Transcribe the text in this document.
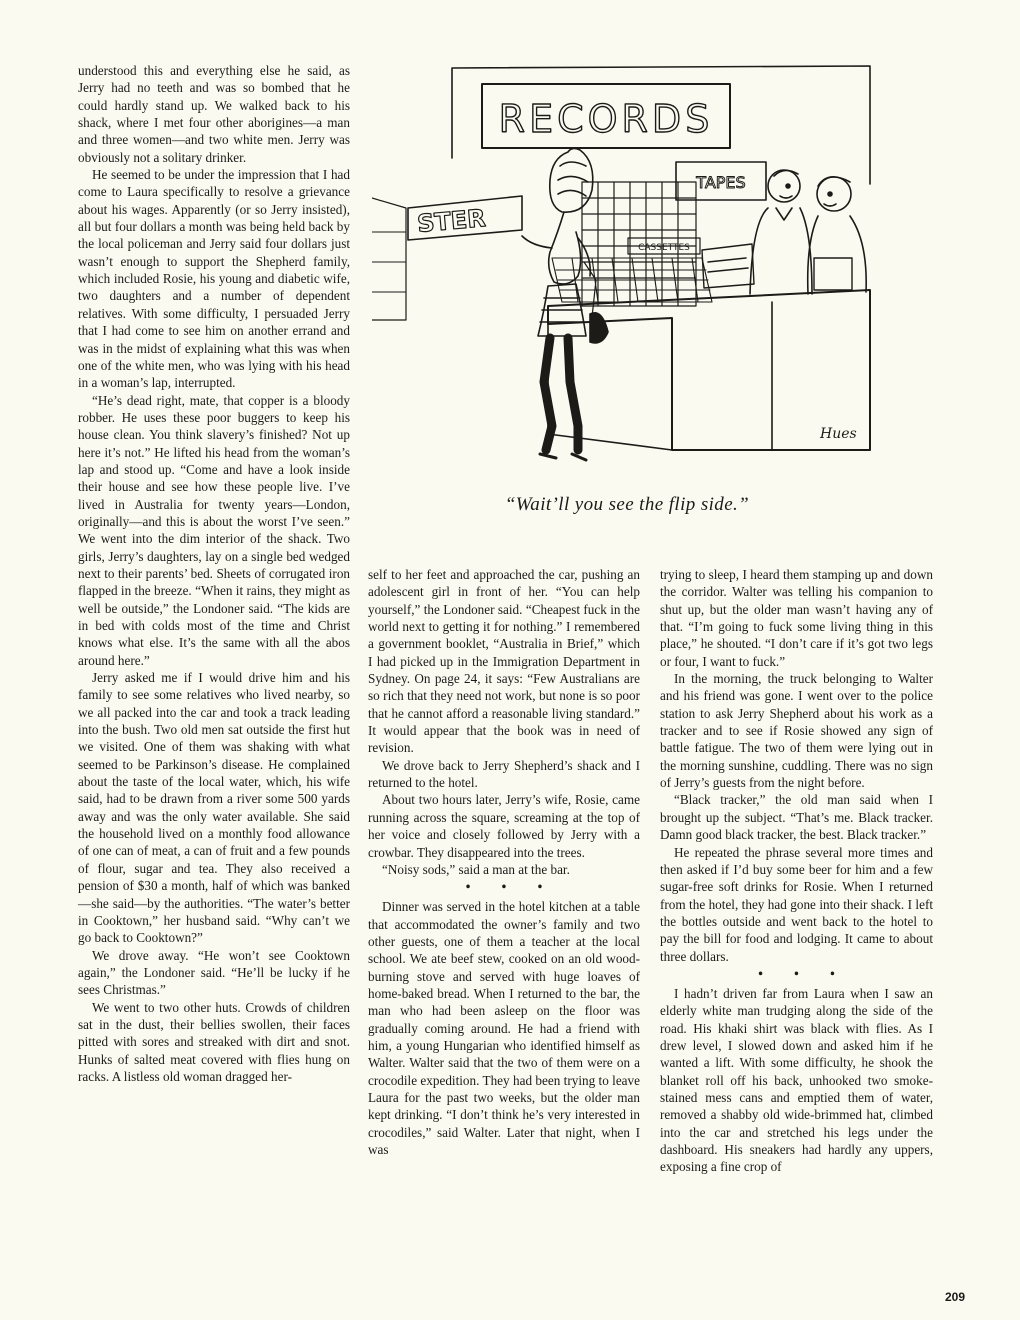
understood this and everything else he said, as Jerry had no teeth and was so bombed that he could hardly stand up. We walked back to his shack, where I met four other aborigines—a man and three women—and two white men. Jerry was obviously not a solitary drinker.

He seemed to be under the impression that I had come to Laura specifically to resolve a grievance about his wages. Apparently (or so Jerry insisted), all but four dollars a month was being held back by the local policeman and Jerry said four dollars just wasn’t enough to support the Shepherd family, which included Rosie, his young and diabetic wife, two daughters and a number of dependent relatives. With some difficulty, I persuaded Jerry that I had come to see him on another errand and was in the midst of explaining what this was when one of the white men, who was lying with his head in a woman’s lap, interrupted.

“He’s dead right, mate, that copper is a bloody robber. He uses these poor buggers to keep his house clean. You think slavery’s finished? Not up here it’s not.” He lifted his head from the woman’s lap and stood up. “Come and have a look inside their house and see how these people live. I’ve lived in Australia for twenty years—London, originally—and this is about the worst I’ve seen.” We went into the dim interior of the shack. Two girls, Jerry’s daughters, lay on a single bed wedged next to their parents’ bed. Sheets of corrugated iron flapped in the breeze. “When it rains, they might as well be outside,” the Londoner said. “The kids are in bed with colds most of the time and Christ knows what else. It’s the same with all the abos around here.”

Jerry asked me if I would drive him and his family to see some relatives who lived nearby, so we all packed into the car and took a track leading into the bush. Two old men sat outside the first hut we visited. One of them was shaking with what seemed to be Parkinson’s disease. He complained about the taste of the local water, which, his wife said, had to be drawn from a river some 500 yards away and was the only water available. She said the household lived on a monthly food allowance of one can of meat, a can of fruit and a few pounds of flour, sugar and tea. They also received a pension of $30 a month, half of which was banked—she said—by the authorities. “The water’s better in Cooktown,” her husband said. “Why can’t we go back to Cooktown?”

We drove away. “He won’t see Cooktown again,” the Londoner said. “He’ll be lucky if he sees Christmas.”

We went to two other huts. Crowds of children sat in the dust, their bellies swollen, their faces pitted with sores and streaked with dirt and snot. Hunks of salted meat covered with flies hung on racks. A listless old woman dragged her-

RECORDS
TAPES
STER
CASSETTES
Hues
“Wait’ll you see the flip side.”

self to her feet and approached the car, pushing an adolescent girl in front of her. “You can help yourself,” the Londoner said. “Cheapest fuck in the world next to getting it for nothing.” I remembered a government booklet, “Australia in Brief,” which I had picked up in the Immigration Department in Sydney. On page 24, it says: “Few Australians are so rich that they need not work, but none is so poor that he cannot afford a reasonable living standard.” It would appear that the book was in need of revision.

We drove back to Jerry Shepherd’s shack and I returned to the hotel.

About two hours later, Jerry’s wife, Rosie, came running across the square, screaming at the top of her voice and closely followed by Jerry with a crowbar. They disappeared into the trees.

“Noisy sods,” said a man at the bar.

• • •

Dinner was served in the hotel kitchen at a table that accommodated the owner’s family and two other guests, one of them a teacher at the local school. We ate beef stew, cooked on an old wood-burning stove and served with huge loaves of home-baked bread. When I returned to the bar, the man who had been asleep on the floor was gradually coming around. He had a friend with him, a young Hungarian who identified himself as Walter. Walter said that the two of them were on a crocodile expedition. They had been trying to leave Laura for the past two weeks, but the older man kept drinking. “I don’t think he’s very interested in crocodiles,” said Walter. Later that night, when I was

trying to sleep, I heard them stamping up and down the corridor. Walter was telling his companion to shut up, but the older man wasn’t having any of that. “I’m going to fuck some living thing in this place,” he shouted. “I don’t care if it’s got two legs or four, I want to fuck.”

In the morning, the truck belonging to Walter and his friend was gone. I went over to the police station to ask Jerry Shepherd about his work as a tracker and to see if Rosie showed any sign of battle fatigue. The two of them were lying out in the morning sunshine, cuddling. There was no sign of Jerry’s guests from the night before.

“Black tracker,” the old man said when I brought up the subject. “That’s me. Black tracker. Damn good black tracker, the best. Black tracker.”

He repeated the phrase several more times and then asked if I’d buy some beer for him and a few sugar-free soft drinks for Rosie. When I returned from the hotel, they had gone into their shack. I left the bottles outside and went back to the hotel to pay the bill for food and lodging. It came to about three dollars.

• • •

I hadn’t driven far from Laura when I saw an elderly white man trudging along the side of the road. His khaki shirt was black with flies. As I drew level, I slowed down and asked him if he wanted a lift. With some difficulty, he shook the blanket roll off his back, unhooked two smoke-stained mess cans and emptied them of water, removed a shabby old wide-brimmed hat, climbed into the car and stretched his legs under the dashboard. His sneakers had hardly any uppers, exposing a fine crop of

209
